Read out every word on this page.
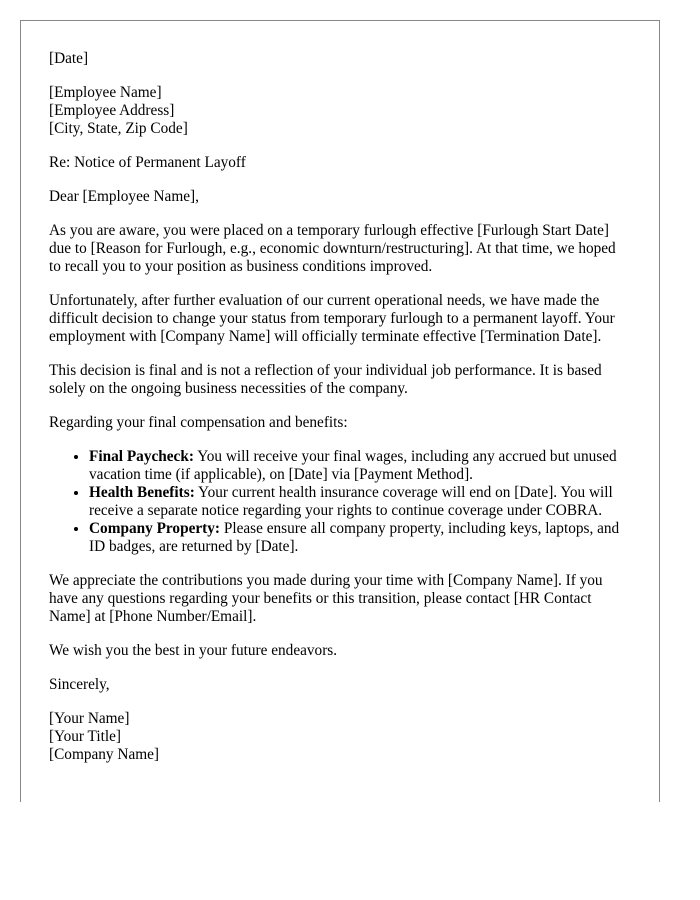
[Date]
[Employee Name]
[Employee Address]
[City, State, Zip Code]

Re: Notice of Permanent Layoff

Dear [Employee Name],

As you are aware, you were placed on a temporary furlough effective [Furlough Start Date] due to [Reason for Furlough, e.g., economic downturn/restructuring]. At that time, we hoped to recall you to your position as business conditions improved.

Unfortunately, after further evaluation of our current operational needs, we have made the difficult decision to change your status from temporary furlough to a permanent layoff. Your employment with [Company Name] will officially terminate effective [Termination Date].

This decision is final and is not a reflection of your individual job performance. It is based solely on the ongoing business necessities of the company.

Regarding your final compensation and benefits:

• Final Paycheck: You will receive your final wages, including any accrued but unused vacation time (if applicable), on [Date] via [Payment Method].
• Health Benefits: Your current health insurance coverage will end on [Date]. You will receive a separate notice regarding your rights to continue coverage under COBRA.
• Company Property: Please ensure all company property, including keys, laptops, and ID badges, are returned by [Date].

We appreciate the contributions you made during your time with [Company Name]. If you have any questions regarding your benefits or this transition, please contact [HR Contact Name] at [Phone Number/Email].

We wish you the best in your future endeavors.

Sincerely,

[Your Name]
[Your Title]
[Company Name]
